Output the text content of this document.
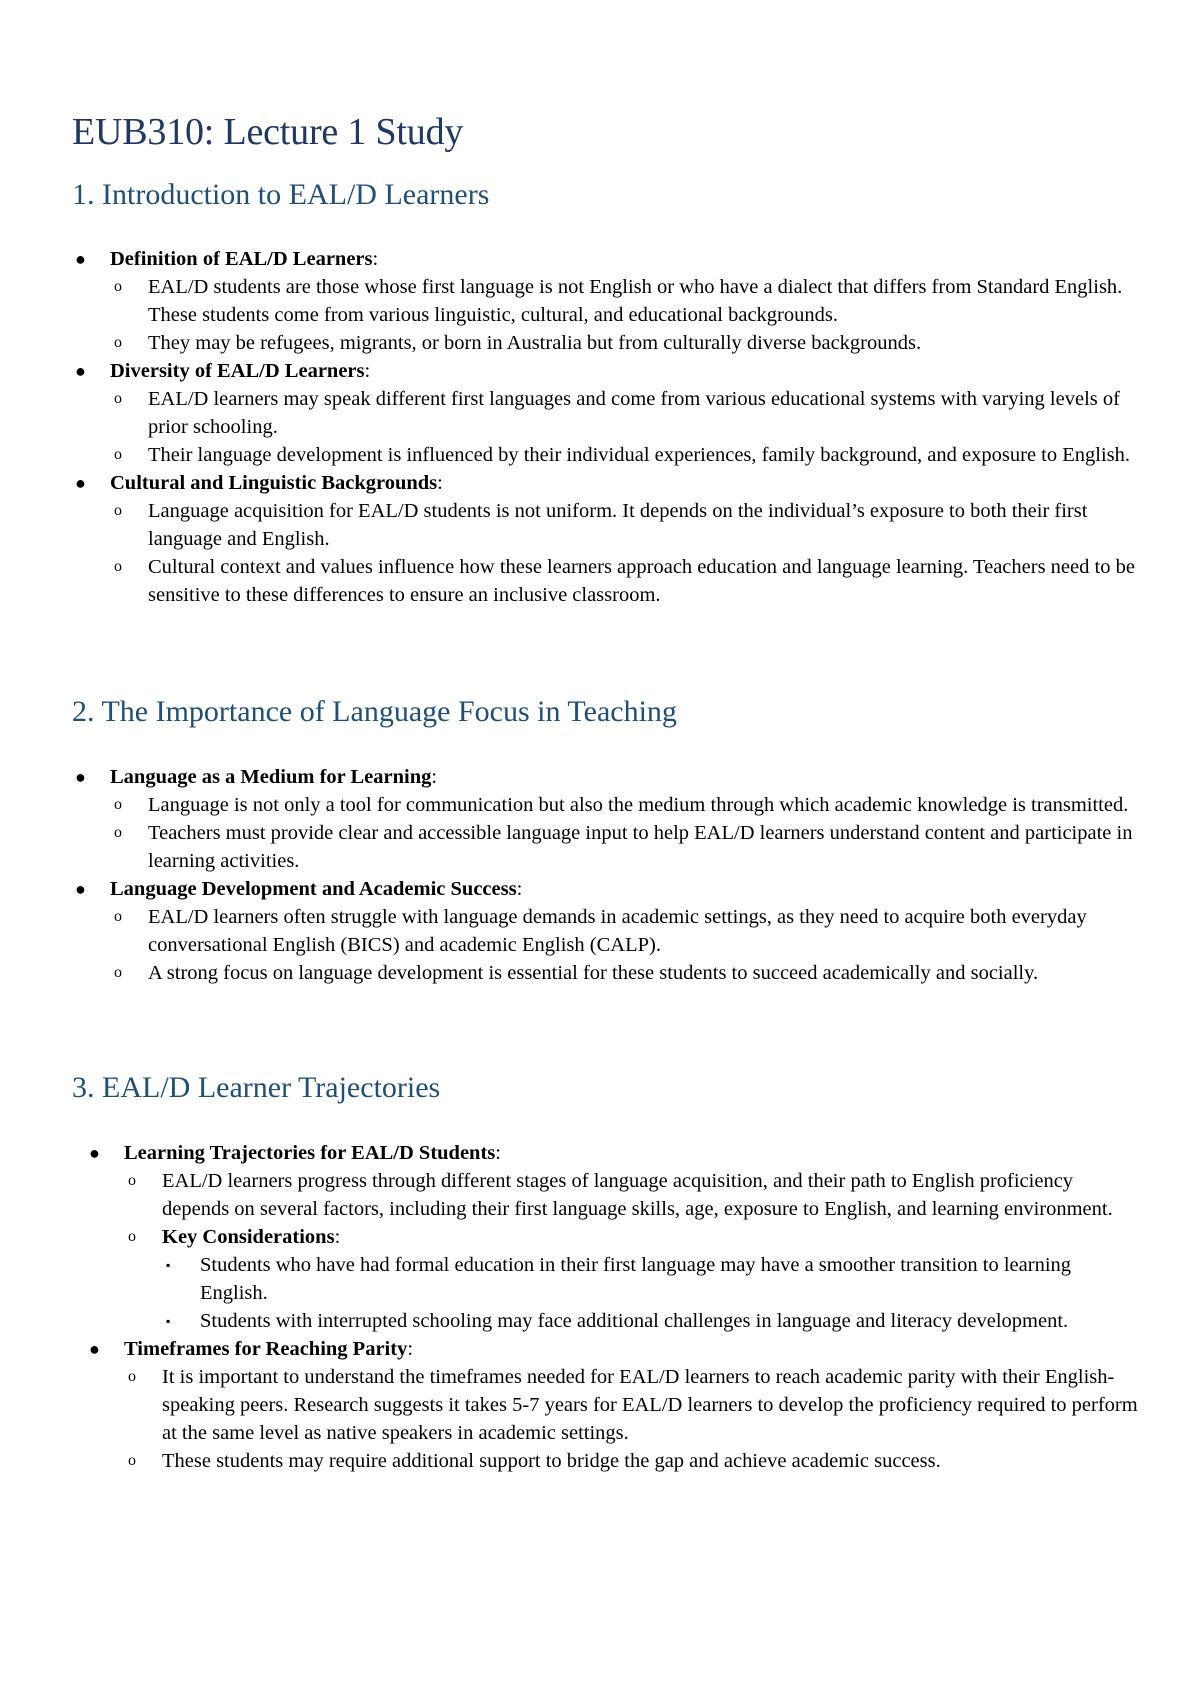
EUB310: Lecture 1 Study
1. Introduction to EAL/D Learners
● Definition of EAL/D Learners:
o EAL/D students are those whose first language is not English or who have a dialect that differs from Standard English. These students come from various linguistic, cultural, and educational backgrounds.
o They may be refugees, migrants, or born in Australia but from culturally diverse backgrounds.
● Diversity of EAL/D Learners:
o EAL/D learners may speak different first languages and come from various educational systems with varying levels of prior schooling.
o Their language development is influenced by their individual experiences, family background, and exposure to English.
● Cultural and Linguistic Backgrounds:
o Language acquisition for EAL/D students is not uniform. It depends on the individual’s exposure to both their first language and English.
o Cultural context and values influence how these learners approach education and language learning. Teachers need to be sensitive to these differences to ensure an inclusive classroom.
2. The Importance of Language Focus in Teaching
● Language as a Medium for Learning:
o Language is not only a tool for communication but also the medium through which academic knowledge is transmitted.
o Teachers must provide clear and accessible language input to help EAL/D learners understand content and participate in learning activities.
● Language Development and Academic Success:
o EAL/D learners often struggle with language demands in academic settings, as they need to acquire both everyday conversational English (BICS) and academic English (CALP).
o A strong focus on language development is essential for these students to succeed academically and socially.
3. EAL/D Learner Trajectories
● Learning Trajectories for EAL/D Students:
o EAL/D learners progress through different stages of language acquisition, and their path to English proficiency depends on several factors, including their first language skills, age, exposure to English, and learning environment.
o Key Considerations:
▪ Students who have had formal education in their first language may have a smoother transition to learning English.
▪ Students with interrupted schooling may face additional challenges in language and literacy development.
● Timeframes for Reaching Parity:
o It is important to understand the timeframes needed for EAL/D learners to reach academic parity with their English-speaking peers. Research suggests it takes 5-7 years for EAL/D learners to develop the proficiency required to perform at the same level as native speakers in academic settings.
o These students may require additional support to bridge the gap and achieve academic success.
